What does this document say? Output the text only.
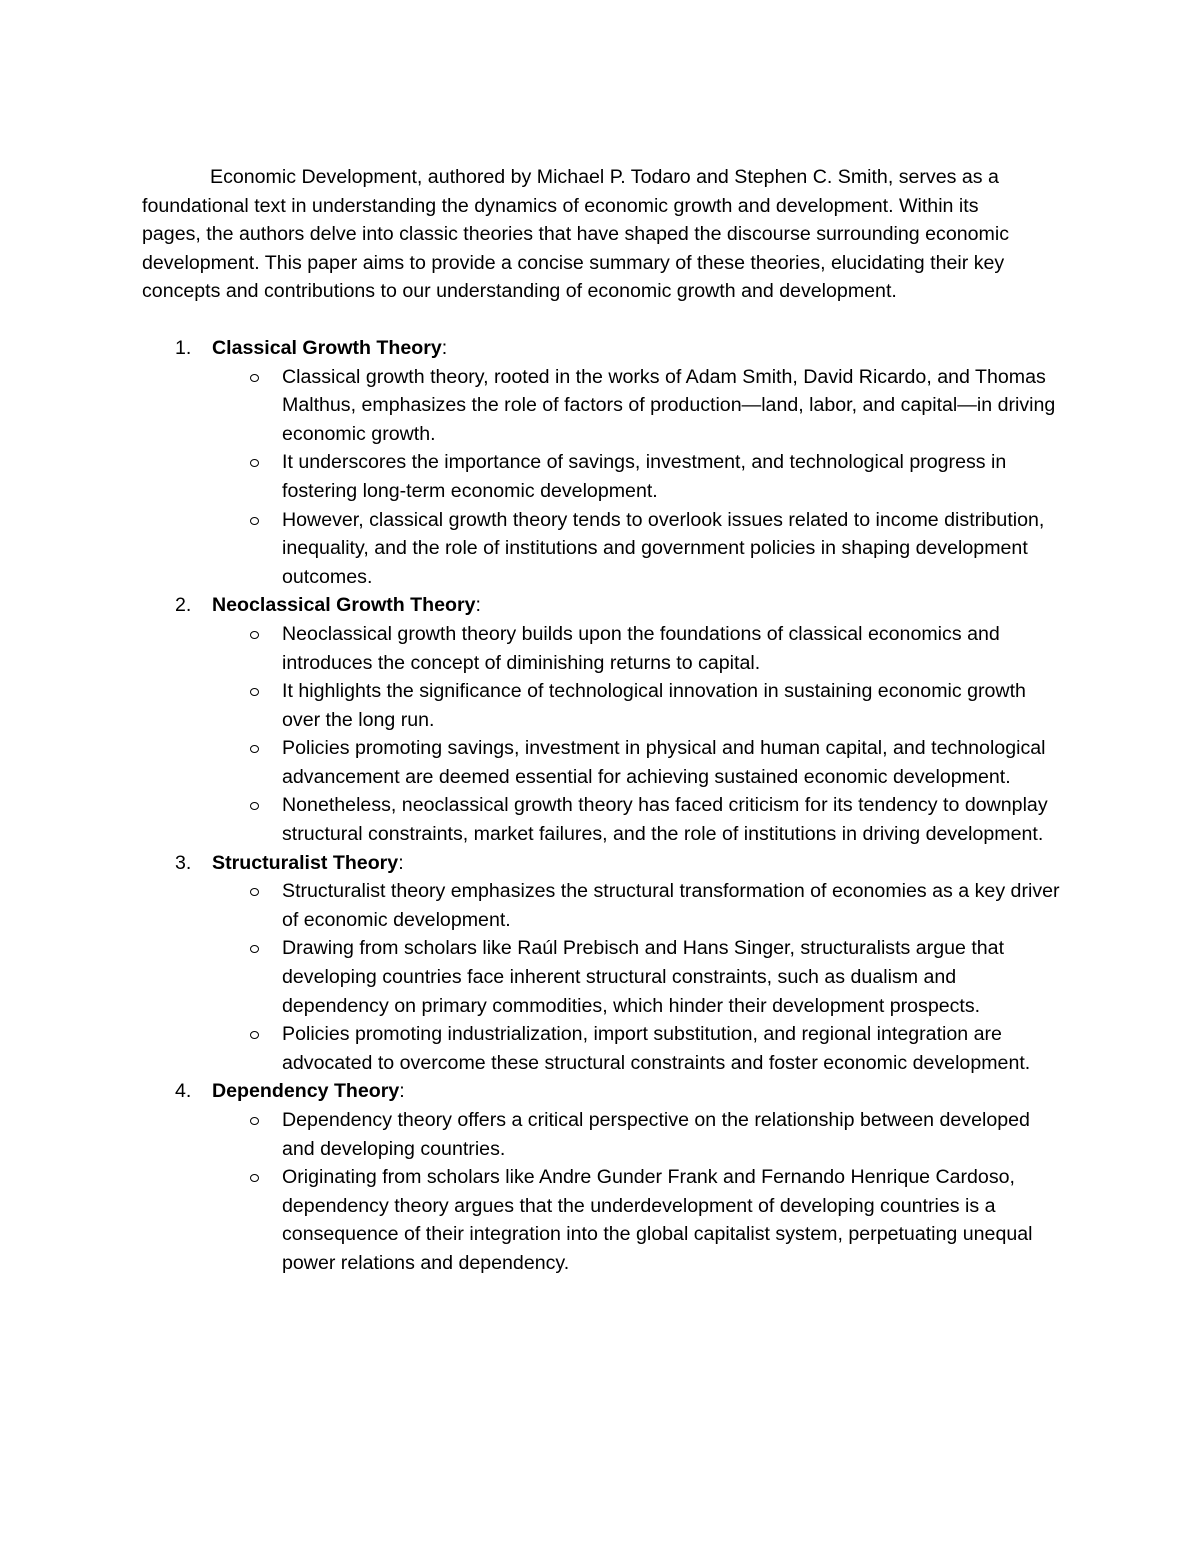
Economic Development, authored by Michael P. Todaro and Stephen C. Smith, serves as a foundational text in understanding the dynamics of economic growth and development. Within its pages, the authors delve into classic theories that have shaped the discourse surrounding economic development. This paper aims to provide a concise summary of these theories, elucidating their key concepts and contributions to our understanding of economic growth and development.

1. Classical Growth Theory:
Classical growth theory, rooted in the works of Adam Smith, David Ricardo, and Thomas Malthus, emphasizes the role of factors of production—land, labor, and capital—in driving economic growth.
It underscores the importance of savings, investment, and technological progress in fostering long-term economic development.
However, classical growth theory tends to overlook issues related to income distribution, inequality, and the role of institutions and government policies in shaping development outcomes.
2. Neoclassical Growth Theory:
Neoclassical growth theory builds upon the foundations of classical economics and introduces the concept of diminishing returns to capital.
It highlights the significance of technological innovation in sustaining economic growth over the long run.
Policies promoting savings, investment in physical and human capital, and technological advancement are deemed essential for achieving sustained economic development.
Nonetheless, neoclassical growth theory has faced criticism for its tendency to downplay structural constraints, market failures, and the role of institutions in driving development.
3. Structuralist Theory:
Structuralist theory emphasizes the structural transformation of economies as a key driver of economic development.
Drawing from scholars like Raúl Prebisch and Hans Singer, structuralists argue that developing countries face inherent structural constraints, such as dualism and dependency on primary commodities, which hinder their development prospects.
Policies promoting industrialization, import substitution, and regional integration are advocated to overcome these structural constraints and foster economic development.
4. Dependency Theory:
Dependency theory offers a critical perspective on the relationship between developed and developing countries.
Originating from scholars like Andre Gunder Frank and Fernando Henrique Cardoso, dependency theory argues that the underdevelopment of developing countries is a consequence of their integration into the global capitalist system, perpetuating unequal power relations and dependency.
